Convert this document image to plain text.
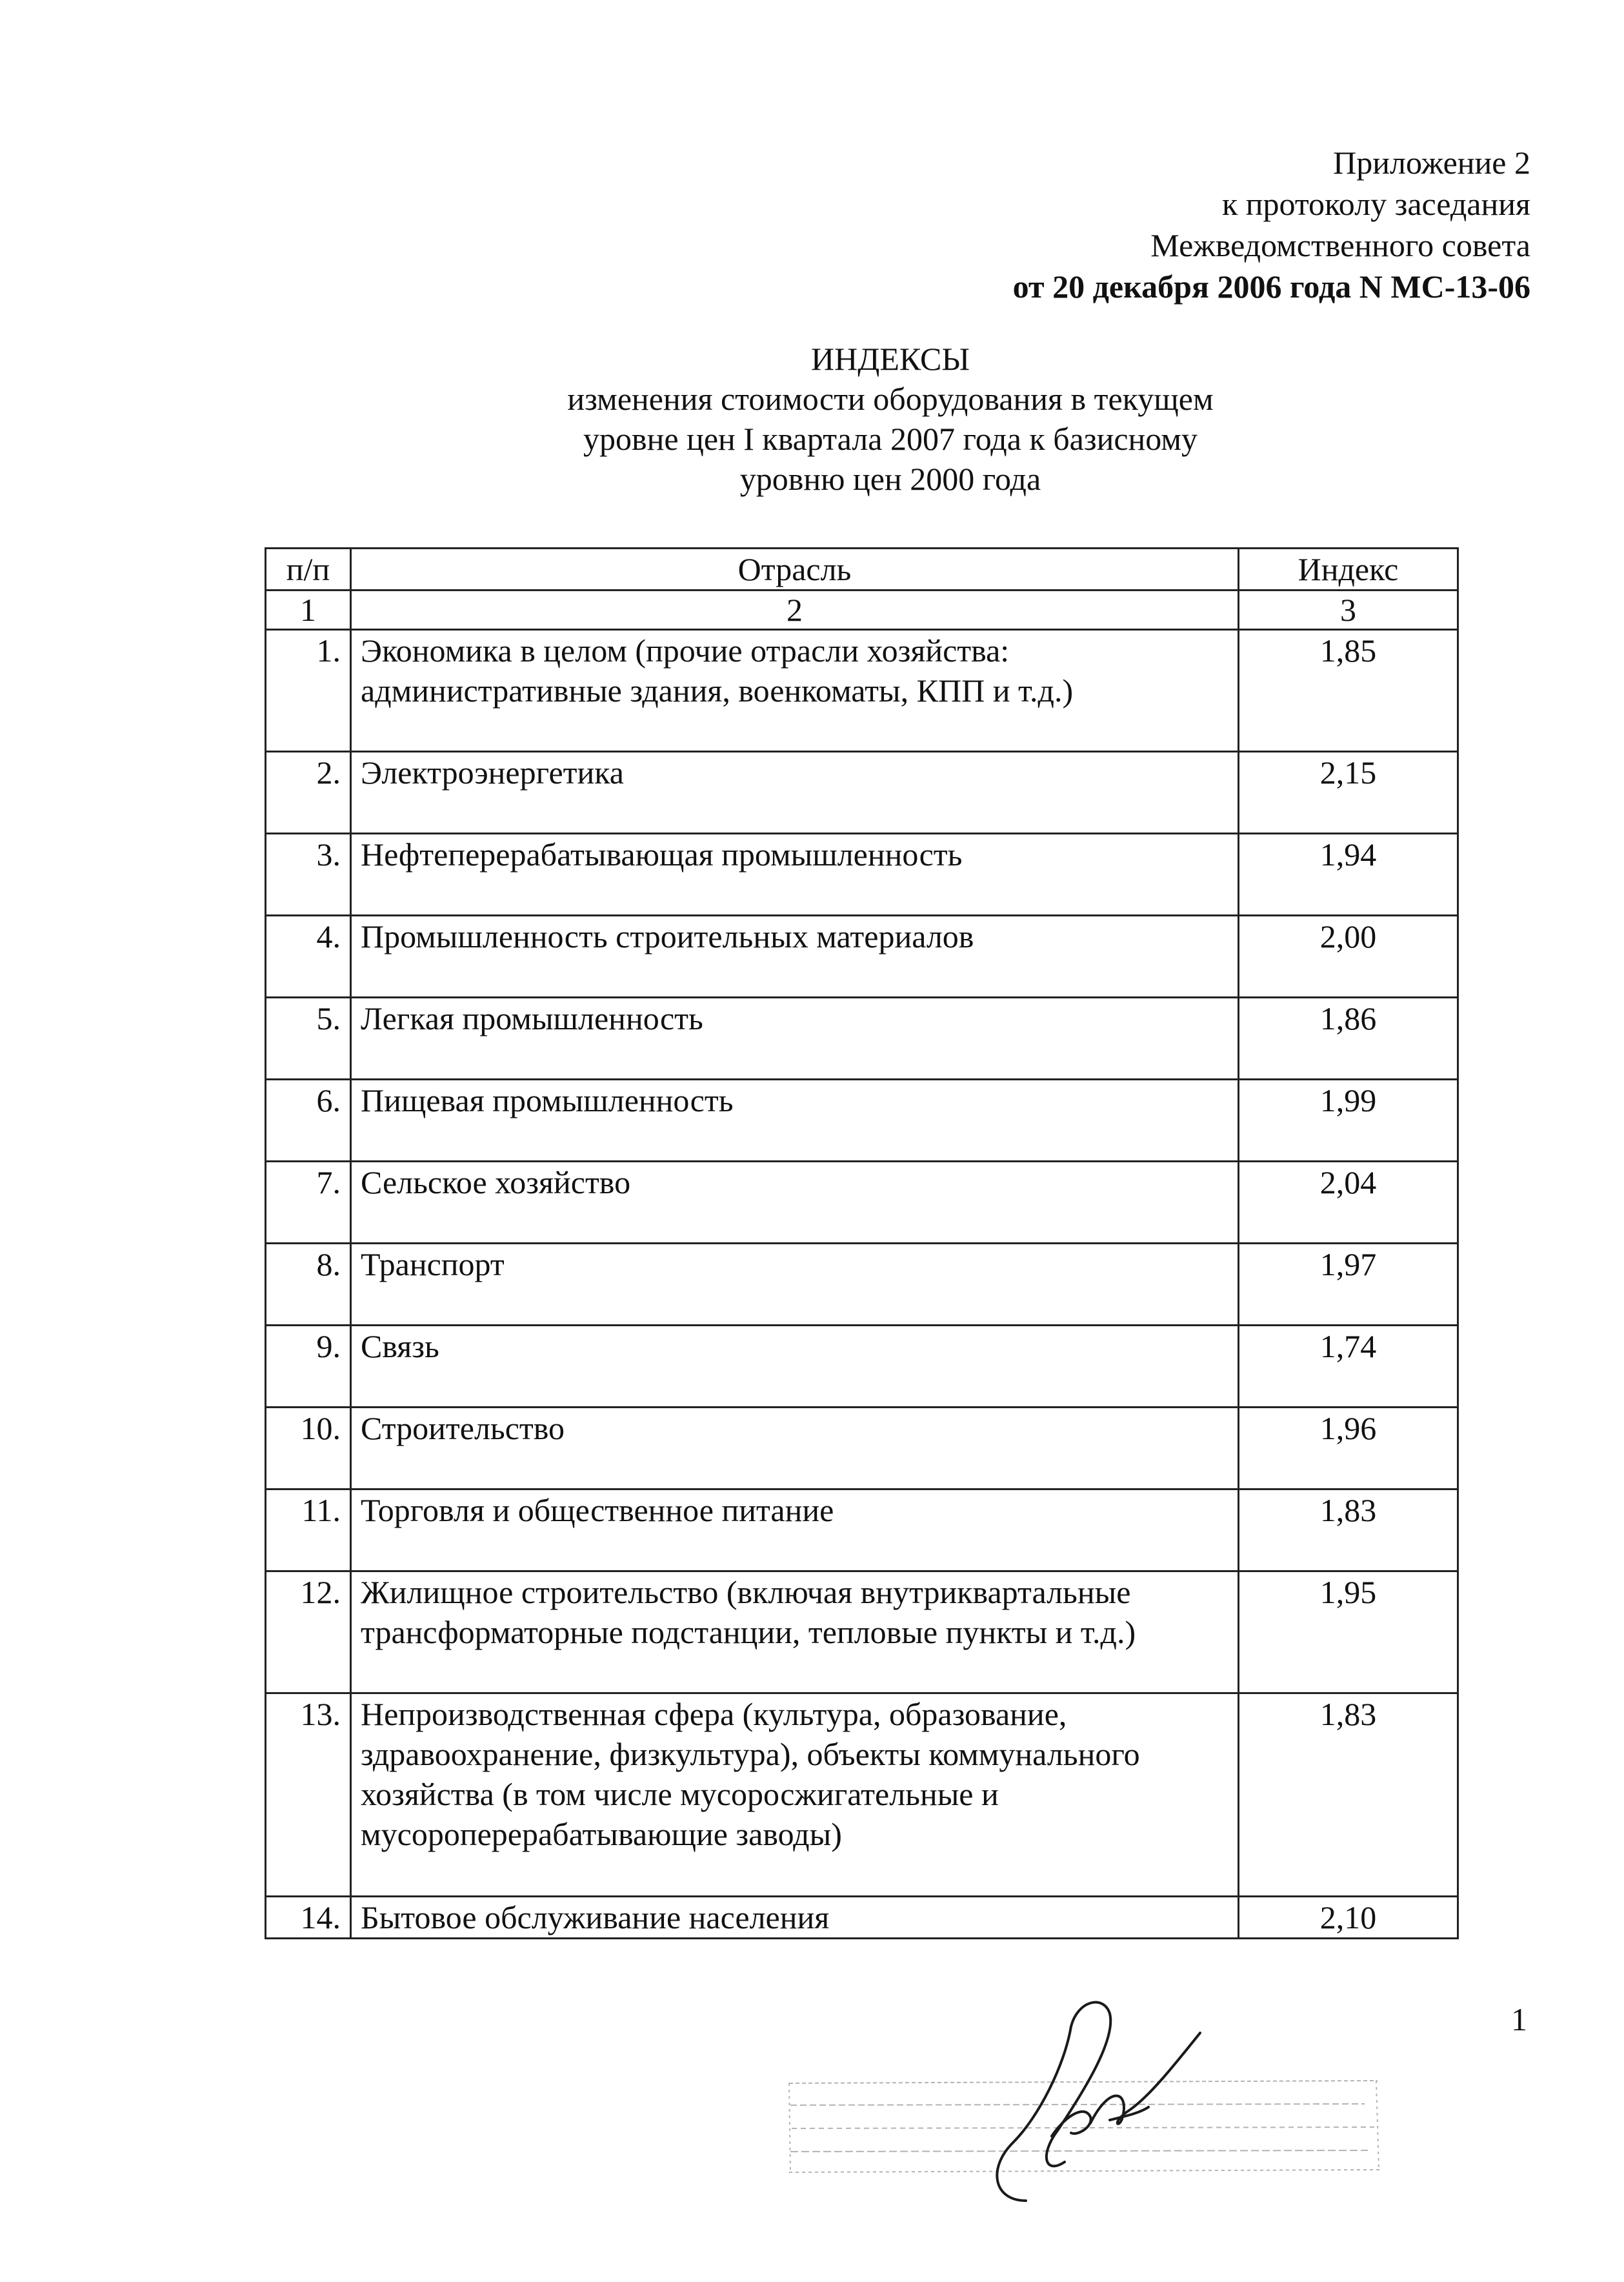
Приложение 2
к протоколу заседания
Межведомственного совета
от 20 декабря 2006 года N МС-13-06
ИНДЕКСЫ
изменения стоимости оборудования в текущем
уровне цен I квартала 2007 года к базисному
уровню цен 2000 года
п/п	Отрасль	Индекс
1	2	3
1.	Экономика в целом (прочие отрасли хозяйства: административные здания, военкоматы, КПП и т.д.)	1,85
2.	Электроэнергетика	2,15
3.	Нефтеперерабатывающая промышленность	1,94
4.	Промышленность строительных материалов	2,00
5.	Легкая промышленность	1,86
6.	Пищевая промышленность	1,99
7.	Сельское хозяйство	2,04
8.	Транспорт	1,97
9.	Связь	1,74
10.	Строительство	1,96
11.	Торговля и общественное питание	1,83
12.	Жилищное строительство (включая внутриквартальные трансформаторные подстанции, тепловые пункты и т.д.)	1,95
13.	Непроизводственная сфера (культура, образование, здравоохранение, физкультура), объекты коммунального хозяйства (в том числе мусоросжигательные и мусороперерабатывающие заводы)	1,83
14.	Бытовое обслуживание населения	2,10
1
